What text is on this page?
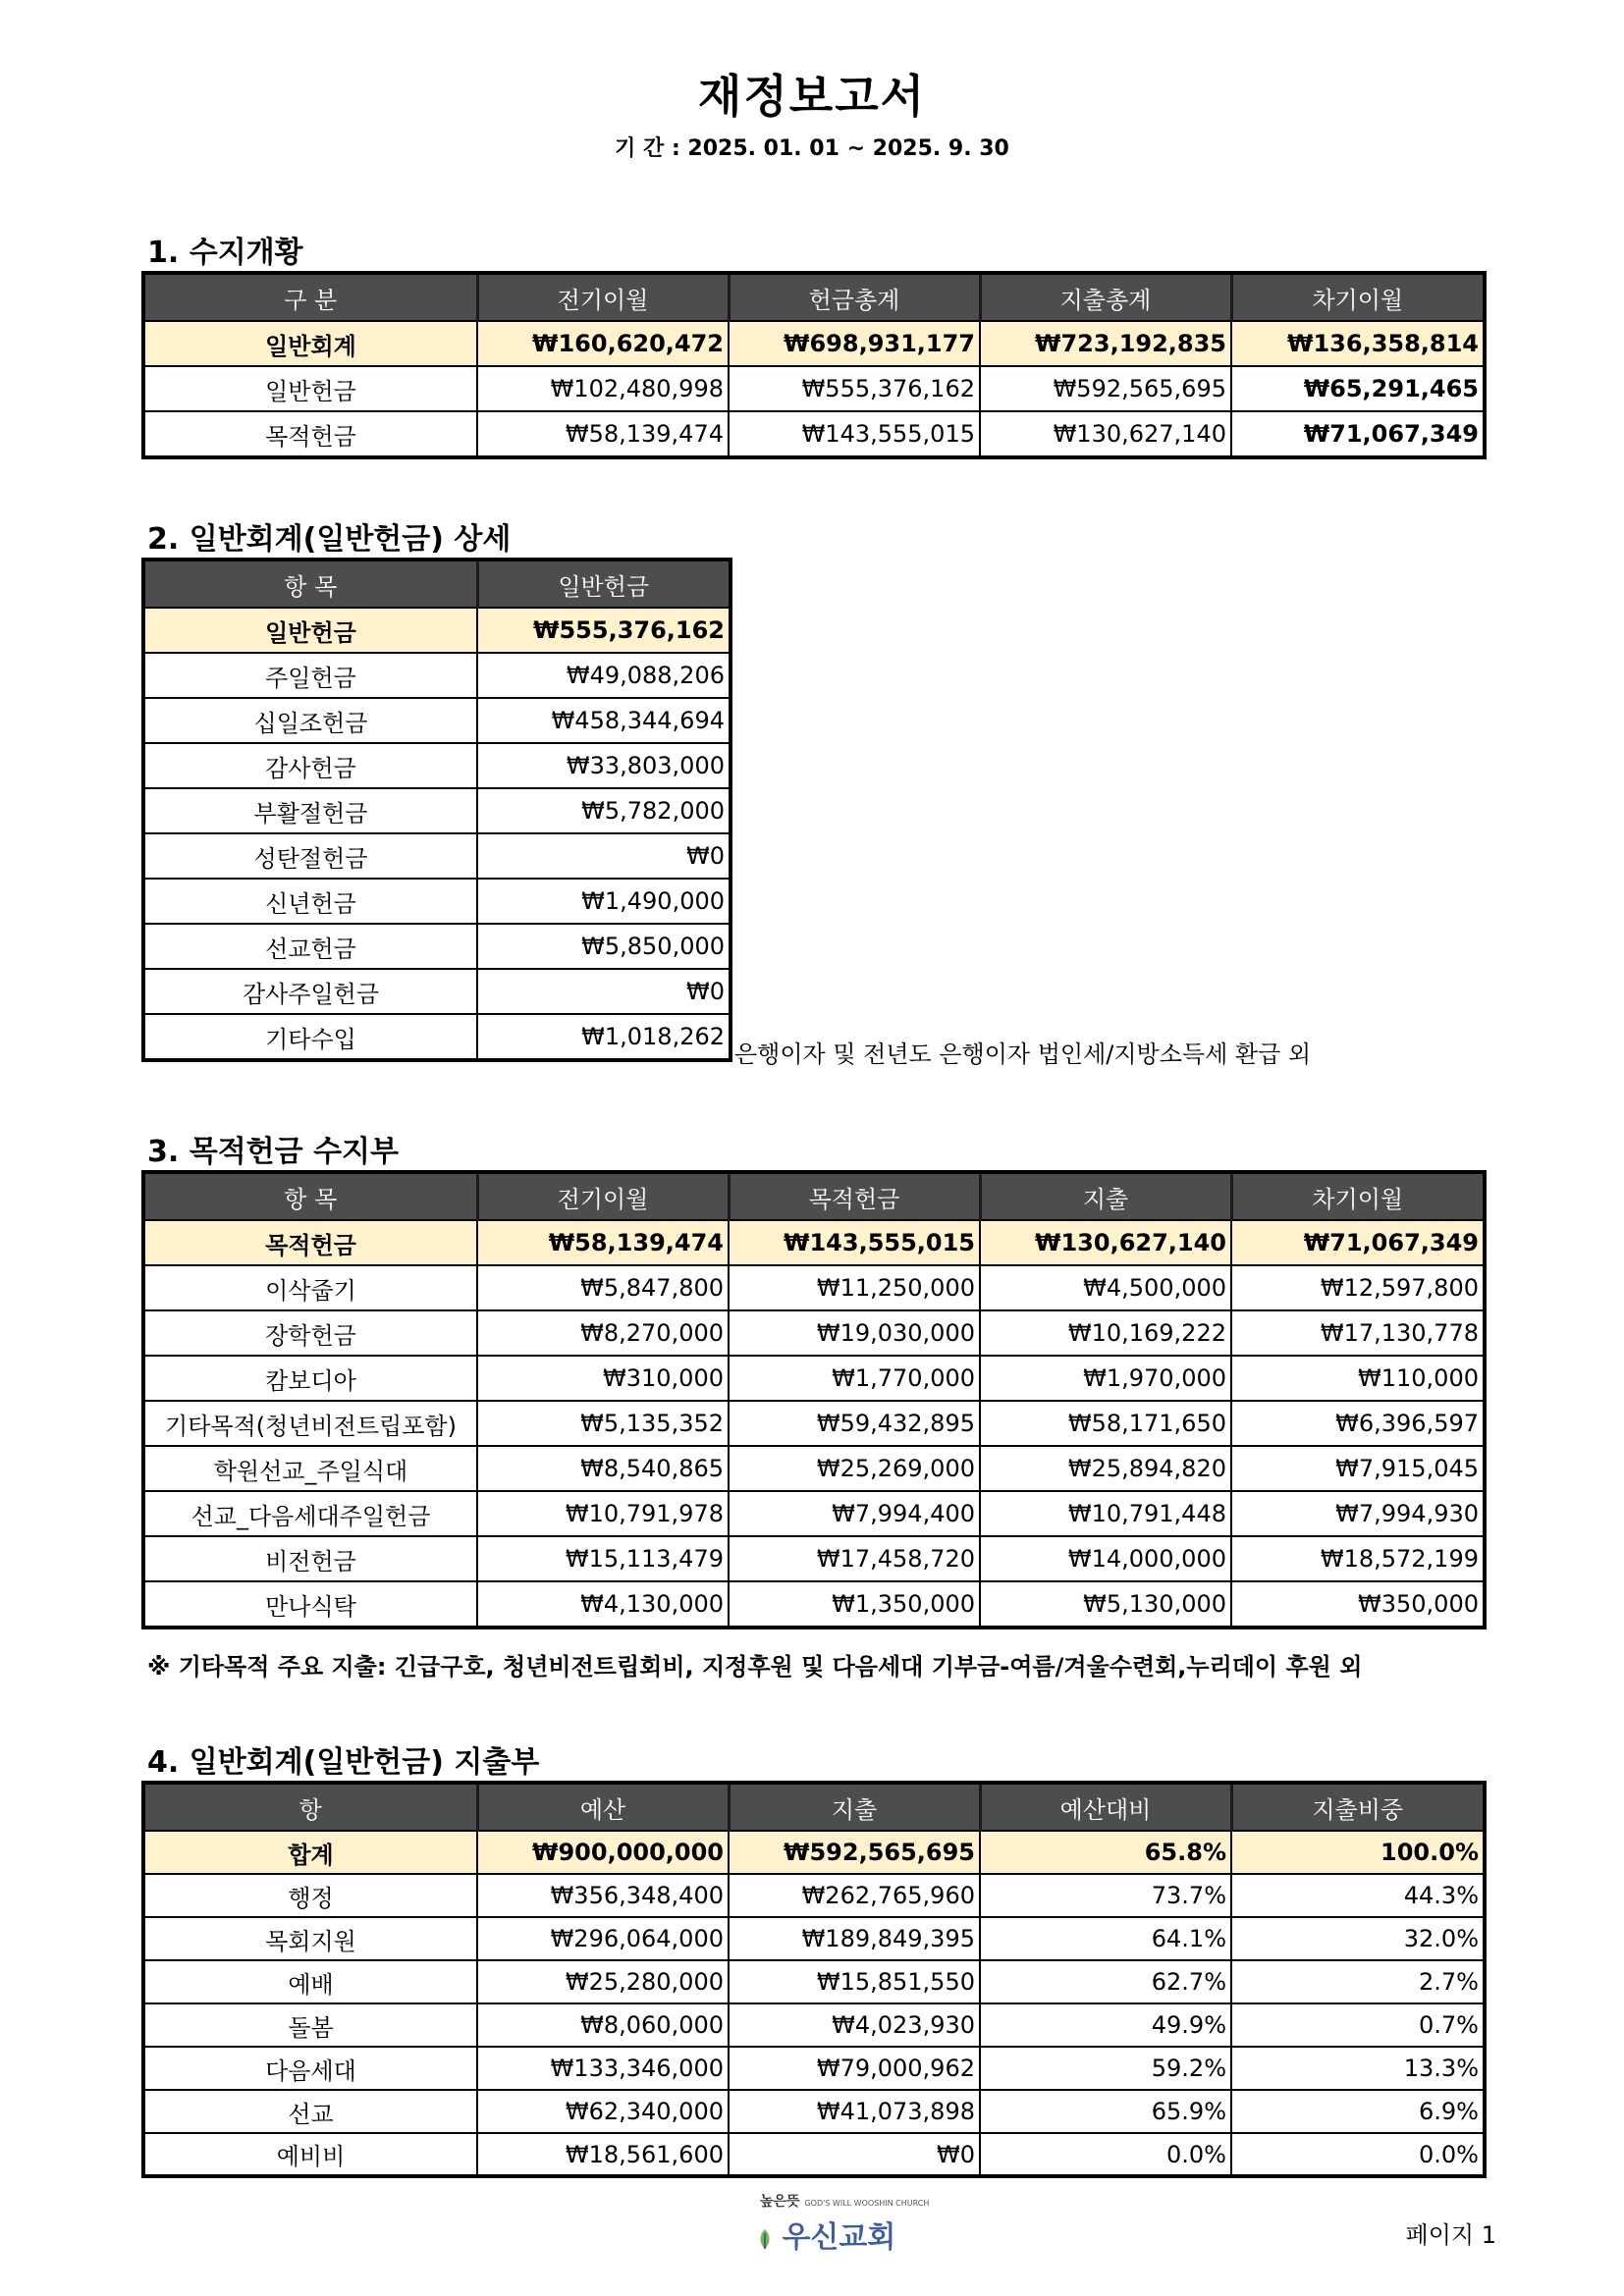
재정보고서
기 간 : 2025. 01. 01 ~ 2025. 9. 30
1. 수지개황
구 분	전기이월	헌금총계	지출총계	차기이월
일반회계	₩160,620,472	₩698,931,177	₩723,192,835	₩136,358,814
일반헌금	₩102,480,998	₩555,376,162	₩592,565,695	₩65,291,465
목적헌금	₩58,139,474	₩143,555,015	₩130,627,140	₩71,067,349
2. 일반회계(일반헌금) 상세
항 목	일반헌금
일반헌금	₩555,376,162
주일헌금	₩49,088,206
십일조헌금	₩458,344,694
감사헌금	₩33,803,000
부활절헌금	₩5,782,000
성탄절헌금	₩0
신년헌금	₩1,490,000
선교헌금	₩5,850,000
감사주일헌금	₩0
기타수입	₩1,018,262
은행이자 및 전년도 은행이자 법인세/지방소득세 환급 외
3. 목적헌금 수지부
항 목	전기이월	목적헌금	지출	차기이월
목적헌금	₩58,139,474	₩143,555,015	₩130,627,140	₩71,067,349
이삭줍기	₩5,847,800	₩11,250,000	₩4,500,000	₩12,597,800
장학헌금	₩8,270,000	₩19,030,000	₩10,169,222	₩17,130,778
캄보디아	₩310,000	₩1,770,000	₩1,970,000	₩110,000
기타목적(청년비전트립포함)	₩5,135,352	₩59,432,895	₩58,171,650	₩6,396,597
학원선교_주일식대	₩8,540,865	₩25,269,000	₩25,894,820	₩7,915,045
선교_다음세대주일헌금	₩10,791,978	₩7,994,400	₩10,791,448	₩7,994,930
비전헌금	₩15,113,479	₩17,458,720	₩14,000,000	₩18,572,199
만나식탁	₩4,130,000	₩1,350,000	₩5,130,000	₩350,000
※ 기타목적 주요 지출: 긴급구호, 청년비전트립회비, 지정후원 및 다음세대 기부금-여름/겨울수련회,누리데이 후원 외
4. 일반회계(일반헌금) 지출부
항	예산	지출	예산대비	지출비중
합계	₩900,000,000	₩592,565,695	65.8%	100.0%
행정	₩356,348,400	₩262,765,960	73.7%	44.3%
목회지원	₩296,064,000	₩189,849,395	64.1%	32.0%
예배	₩25,280,000	₩15,851,550	62.7%	2.7%
돌봄	₩8,060,000	₩4,023,930	49.9%	0.7%
다음세대	₩133,346,000	₩79,000,962	59.2%	13.3%
선교	₩62,340,000	₩41,073,898	65.9%	6.9%
예비비	₩18,561,600	₩0	0.0%	0.0%
높은뜻 GOD'S WILL WOOSHIN CHURCH
우신교회	페이지 1
